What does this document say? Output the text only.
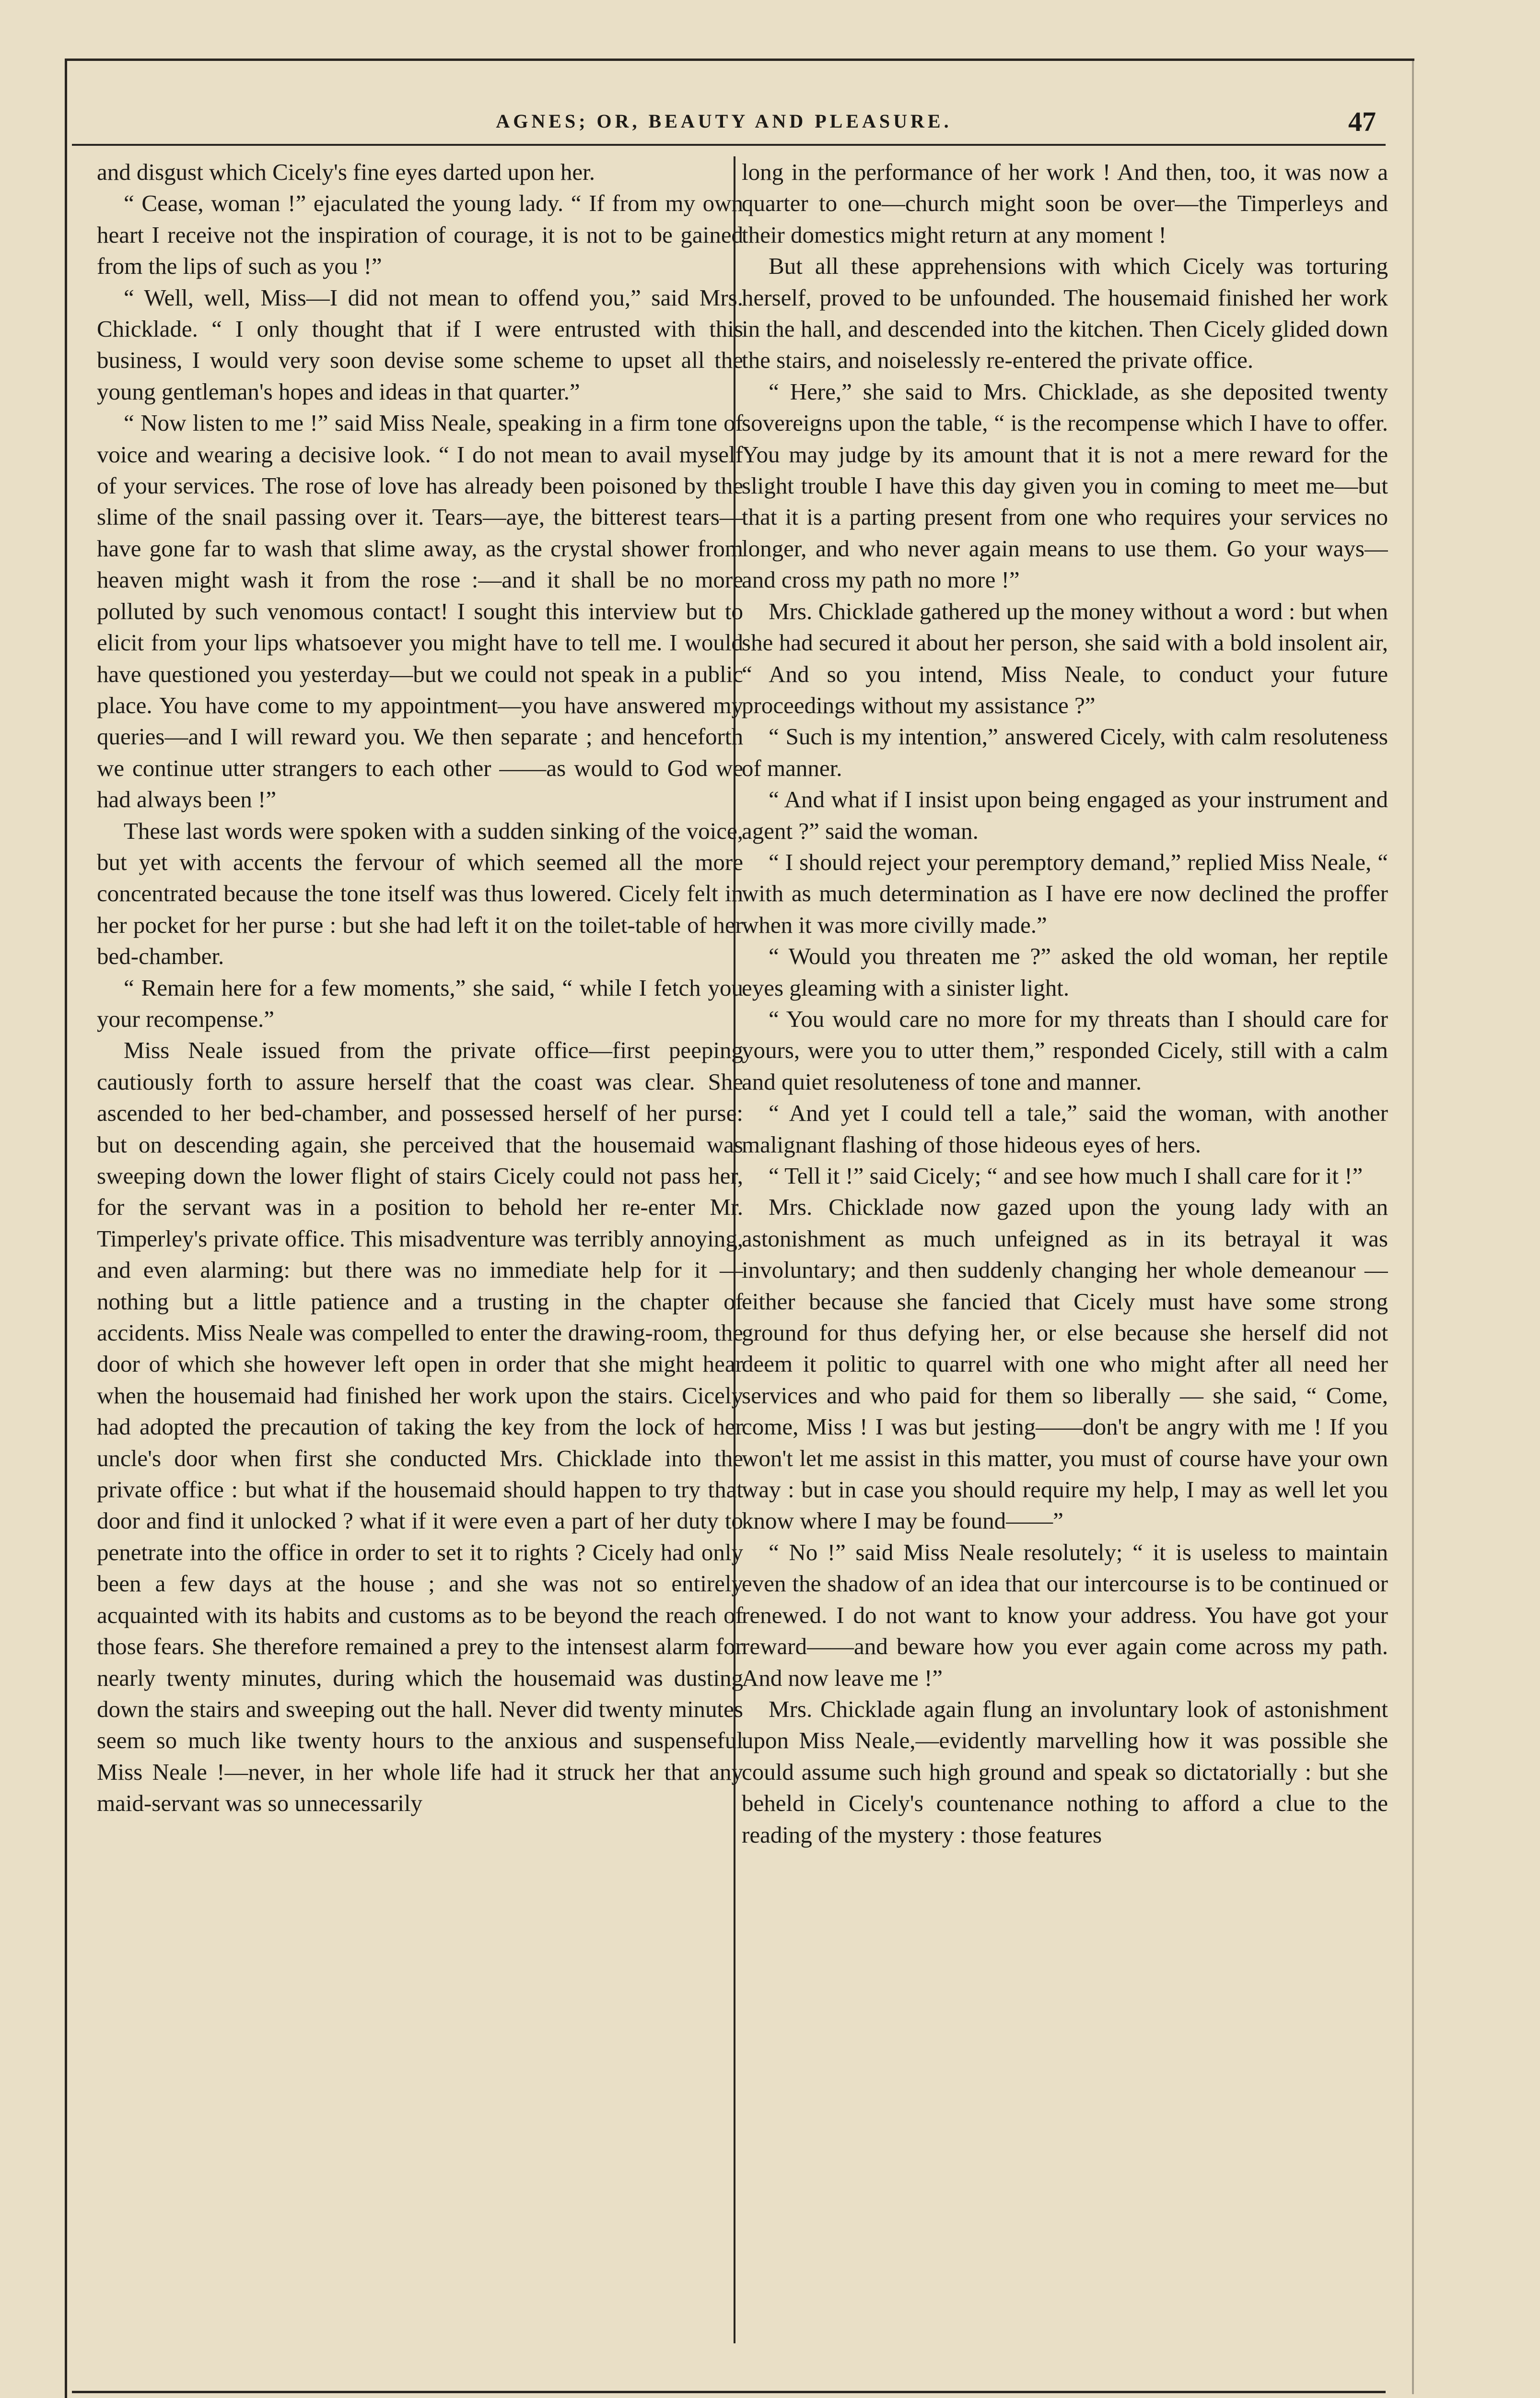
AGNES; OR, BEAUTY AND PLEASURE.	47

and disgust which Cicely's fine eyes darted upon her.

“ Cease, woman !” ejaculated the young lady. “ If from my own heart I receive not the inspiration of courage, it is not to be gained from the lips of such as you !”

“ Well, well, Miss—I did not mean to offend you,” said Mrs. Chicklade. “ I only thought that if I were entrusted with this business, I would very soon devise some scheme to upset all the young gentleman's hopes and ideas in that quarter.”

“ Now listen to me !” said Miss Neale, speaking in a firm tone of voice and wearing a decisive look. “ I do not mean to avail myself of your services. The rose of love has already been poisoned by the slime of the snail passing over it. Tears—aye, the bitterest tears—have gone far to wash that slime away, as the crystal shower from heaven might wash it from the rose :—and it shall be no more polluted by such venomous contact! I sought this interview but to elicit from your lips whatsoever you might have to tell me. I would have questioned you yesterday—but we could not speak in a public place. You have come to my appointment—you have answered my queries—and I will reward you. We then separate ; and henceforth we continue utter strangers to each other ——as would to God we had always been !”

These last words were spoken with a sudden sinking of the voice, but yet with accents the fervour of which seemed all the more concentrated because the tone itself was thus lowered. Cicely felt in her pocket for her purse : but she had left it on the toilet-table of her bed-chamber.

“ Remain here for a few moments,” she said, “ while I fetch you your recompense.”

Miss Neale issued from the private office—first peeping cautiously forth to assure herself that the coast was clear. She ascended to her bed-chamber, and possessed herself of her purse: but on descending again, she perceived that the housemaid was sweeping down the lower flight of stairs Cicely could not pass her, for the servant was in a position to behold her re-enter Mr. Timperley's private office. This misadventure was terribly annoying, and even alarming: but there was no immediate help for it — nothing but a little patience and a trusting in the chapter of accidents. Miss Neale was compelled to enter the drawing-room, the door of which she however left open in order that she might hear when the housemaid had finished her work upon the stairs. Cicely had adopted the precaution of taking the key from the lock of her uncle's door when first she conducted Mrs. Chicklade into the private office : but what if the housemaid should happen to try that door and find it unlocked ? what if it were even a part of her duty to penetrate into the office in order to set it to rights ? Cicely had only been a few days at the house ; and she was not so entirely acquainted with its habits and customs as to be beyond the reach of those fears. She therefore remained a prey to the intensest alarm for nearly twenty minutes, during which the housemaid was dusting down the stairs and sweeping out the hall. Never did twenty minutes seem so much like twenty hours to the anxious and suspenseful Miss Neale !—never, in her whole life had it struck her that any maid-servant was so unnecessarily

long in the performance of her work ! And then, too, it was now a quarter to one—church might soon be over—the Timperleys and their domestics might return at any moment !

But all these apprehensions with which Cicely was torturing herself, proved to be unfounded. The housemaid finished her work in the hall, and descended into the kitchen. Then Cicely glided down the stairs, and noiselessly re-entered the private office.

“ Here,” she said to Mrs. Chicklade, as she deposited twenty sovereigns upon the table, “ is the recompense which I have to offer. You may judge by its amount that it is not a mere reward for the slight trouble I have this day given you in coming to meet me—but that it is a parting present from one who requires your services no longer, and who never again means to use them. Go your ways—and cross my path no more !”

Mrs. Chicklade gathered up the money without a word : but when she had secured it about her person, she said with a bold insolent air, “ And so you intend, Miss Neale, to conduct your future proceedings without my assistance ?”

“ Such is my intention,” answered Cicely, with calm resoluteness of manner.

“ And what if I insist upon being engaged as your instrument and agent ?” said the woman.

“ I should reject your peremptory demand,” replied Miss Neale, “ with as much determination as I have ere now declined the proffer when it was more civilly made.”

“ Would you threaten me ?” asked the old woman, her reptile eyes gleaming with a sinister light.

“ You would care no more for my threats than I should care for yours, were you to utter them,” responded Cicely, still with a calm and quiet resoluteness of tone and manner.

“ And yet I could tell a tale,” said the woman, with another malignant flashing of those hideous eyes of hers.

“ Tell it !” said Cicely; “ and see how much I shall care for it !”

Mrs. Chicklade now gazed upon the young lady with an astonishment as much unfeigned as in its betrayal it was involuntary; and then suddenly changing her whole demeanour — either because she fancied that Cicely must have some strong ground for thus defying her, or else because she herself did not deem it politic to quarrel with one who might after all need her services and who paid for them so liberally — she said, “ Come, come, Miss ! I was but jesting——don't be angry with me ! If you won't let me assist in this matter, you must of course have your own way : but in case you should require my help, I may as well let you know where I may be found——”

“ No !” said Miss Neale resolutely; “ it is useless to maintain even the shadow of an idea that our intercourse is to be continued or renewed. I do not want to know your address. You have got your reward——and beware how you ever again come across my path. And now leave me !”

Mrs. Chicklade again flung an involuntary look of astonishment upon Miss Neale,—evidently marvelling how it was possible she could assume such high ground and speak so dictatorially : but she beheld in Cicely's countenance nothing to afford a clue to the reading of the mystery : those features
